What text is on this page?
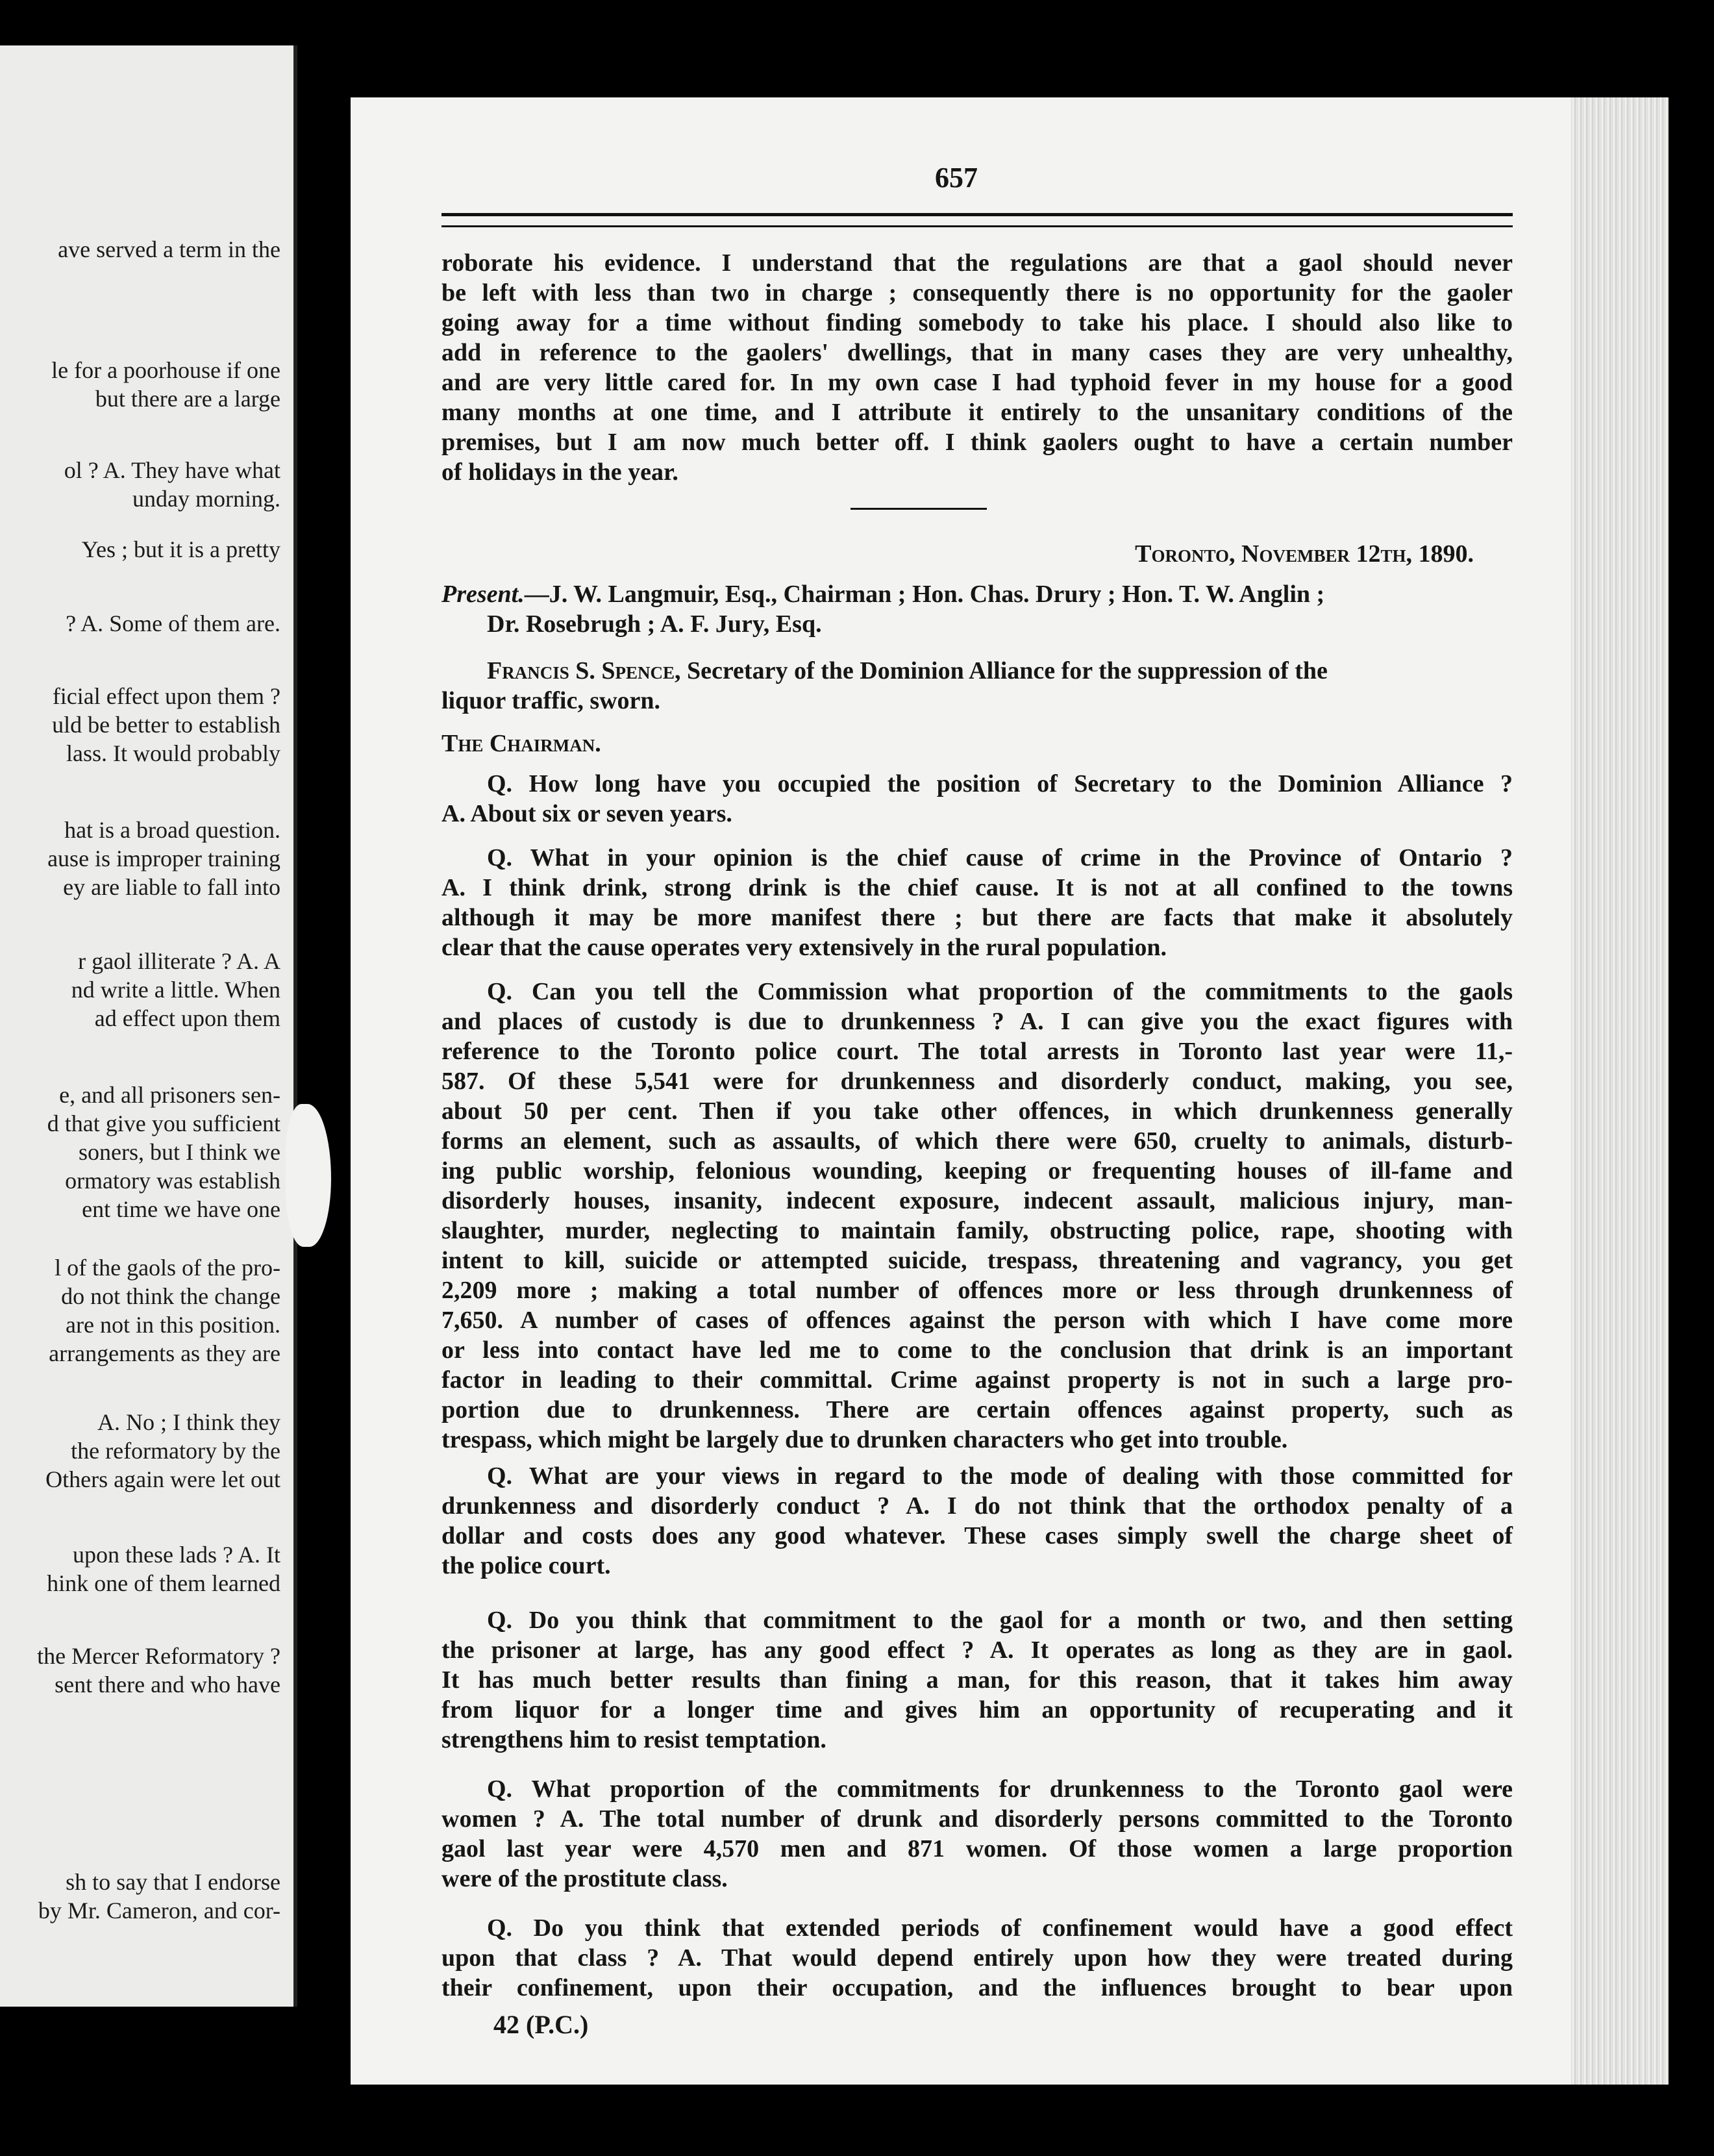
ave served a term in the
le for a poorhouse if one
but there are a large
ol ? A. They have what
unday morning.
Yes ; but it is a pretty
? A. Some of them are.
ficial effect upon them ?
uld be better to establish
lass. It would probably
hat is a broad question.
ause is improper training
ey are liable to fall into
r gaol illiterate ? A. A
nd write a little. When
ad effect upon them
e, and all prisoners sen-
d that give you sufficient
soners, but I think we
ormatory was establish
ent time we have one
l of the gaols of the pro-
do not think the change
are not in this position.
arrangements as they are
A. No ; I think they
the reformatory by the
Others again were let out
upon these lads ? A. It
hink one of them learned
the Mercer Reformatory ?
sent there and who have
sh to say that I endorse
by Mr. Cameron, and cor-
657
roborate his evidence. I understand that the regulations are that a gaol should never
be left with less than two in charge ; consequently there is no opportunity for the gaoler
going away for a time without finding somebody to take his place. I should also like to
add in reference to the gaolers' dwellings, that in many cases they are very unhealthy,
and are very little cared for. In my own case I had typhoid fever in my house for a good
many months at one time, and I attribute it entirely to the unsanitary conditions of the
premises, but I am now much better off. I think gaolers ought to have a certain number
of holidays in the year.
Toronto, November 12th, 1890.
Present.—J. W. Langmuir, Esq., Chairman ; Hon. Chas. Drury ; Hon. T. W. Anglin ;
Dr. Rosebrugh ; A. F. Jury, Esq.
Francis S. Spence, Secretary of the Dominion Alliance for the suppression of the
liquor traffic, sworn.
The Chairman.
Q. How long have you occupied the position of Secretary to the Dominion Alliance ?
A. About six or seven years.
Q. What in your opinion is the chief cause of crime in the Province of Ontario ?
A. I think drink, strong drink is the chief cause. It is not at all confined to the towns
although it may be more manifest there ; but there are facts that make it absolutely
clear that the cause operates very extensively in the rural population.
Q. Can you tell the Commission what proportion of the commitments to the gaols
and places of custody is due to drunkenness ? A. I can give you the exact figures with
reference to the Toronto police court. The total arrests in Toronto last year were 11,-
587. Of these 5,541 were for drunkenness and disorderly conduct, making, you see,
about 50 per cent. Then if you take other offences, in which drunkenness generally
forms an element, such as assaults, of which there were 650, cruelty to animals, disturb-
ing public worship, felonious wounding, keeping or frequenting houses of ill-fame and
disorderly houses, insanity, indecent exposure, indecent assault, malicious injury, man-
slaughter, murder, neglecting to maintain family, obstructing police, rape, shooting with
intent to kill, suicide or attempted suicide, trespass, threatening and vagrancy, you get
2,209 more ; making a total number of offences more or less through drunkenness of
7,650. A number of cases of offences against the person with which I have come more
or less into contact have led me to come to the conclusion that drink is an important
factor in leading to their committal. Crime against property is not in such a large pro-
portion due to drunkenness. There are certain offences against property, such as
trespass, which might be largely due to drunken characters who get into trouble.
Q. What are your views in regard to the mode of dealing with those committed for
drunkenness and disorderly conduct ? A. I do not think that the orthodox penalty of a
dollar and costs does any good whatever. These cases simply swell the charge sheet of
the police court.
Q. Do you think that commitment to the gaol for a month or two, and then setting
the prisoner at large, has any good effect ? A. It operates as long as they are in gaol.
It has much better results than fining a man, for this reason, that it takes him away
from liquor for a longer time and gives him an opportunity of recuperating and it
strengthens him to resist temptation.
Q. What proportion of the commitments for drunkenness to the Toronto gaol were
women ? A. The total number of drunk and disorderly persons committed to the Toronto
gaol last year were 4,570 men and 871 women. Of those women a large proportion
were of the prostitute class.
Q. Do you think that extended periods of confinement would have a good effect
upon that class ? A. That would depend entirely upon how they were treated during
their confinement, upon their occupation, and the influences brought to bear upon
42 (P.C.)
